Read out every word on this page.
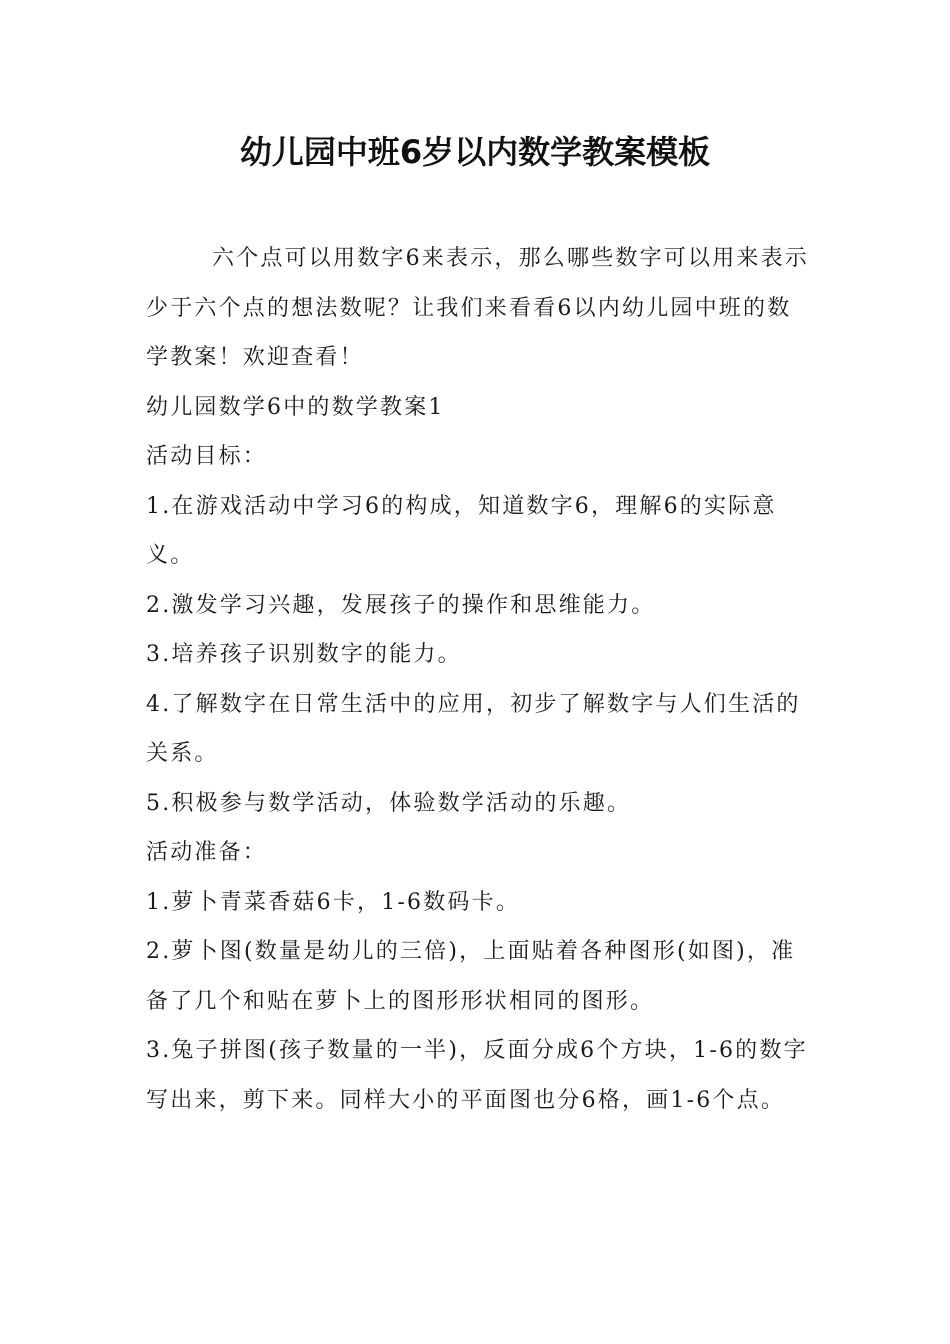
幼儿园中班6岁以内数学教案模板

六个点可以用数字6来表示，那么哪些数字可以用来表示少于六个点的想法数呢？让我们来看看6以内幼儿园中班的数学教案！欢迎查看！

幼儿园数学6中的数学教案1

活动目标：

1.在游戏活动中学习6的构成，知道数字6，理解6的实际意义。

2.激发学习兴趣，发展孩子的操作和思维能力。

3.培养孩子识别数字的能力。

4.了解数字在日常生活中的应用，初步了解数字与人们生活的关系。

5.积极参与数学活动，体验数学活动的乐趣。

活动准备：

1.萝卜青菜香菇6卡，1-6数码卡。

2.萝卜图(数量是幼儿的三倍)，上面贴着各种图形(如图)，准备了几个和贴在萝卜上的图形形状相同的图形。

3.兔子拼图(孩子数量的一半)，反面分成6个方块，1-6的数字写出来，剪下来。同样大小的平面图也分6格，画1-6个点。
